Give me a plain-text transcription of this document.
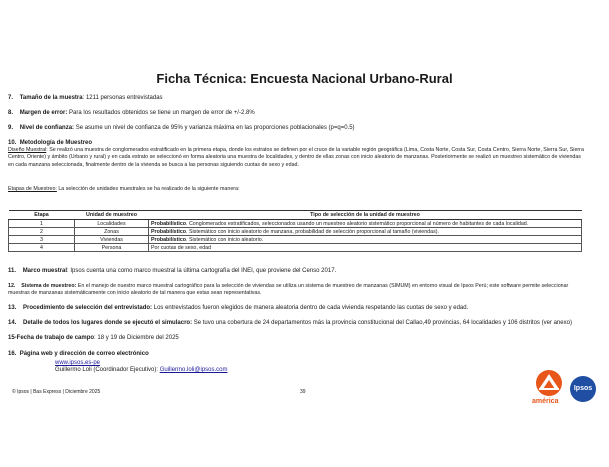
Ficha Técnica: Encuesta Nacional Urbano-Rural
7. Tamaño de la muestra: 1211 personas entrevistadas
8. Margen de error: Para los resultados obtenidos se tiene un margen de error de +/-2.8%
9. Nivel de confianza: Se asume un nivel de confianza de 95% y varianza máxima en las proporciones poblacionales (p=q=0.5)
10. Metodología de Muestreo
Diseño Muestral: Se realizó una muestra de conglomerados estratificado en la primera etapa, donde los estratos se definen por el cruce de la variable región geográfica (Lima, Costa Norte, Costa Sur, Costa Centro, Sierra Norte, Sierra Sur, Sierra Centro, Oriente) y ámbito (Urbano y rural) y en cada estrato se seleccionó en forma aleatoria una muestra de localidades, y dentro de ellas zonas con inicio aleatorio de manzanas. Posteriormente se realizó un muestreo sistemático de viviendas en cada manzana seleccionada, finalmente dentro de la vivienda se busca a las personas siguiendo cuotas de sexo y edad.
Etapas de Muestreo: La selección de unidades muestrales se ha realizado de la siguiente manera:
Etapa	Unidad de muestreo	Tipo de selección de la unidad de muestreo
1	Localidades	Probabilístico. Conglomerados estratificados, seleccionados usando un muestreo aleatorio sistemático proporcional al número de habitantes de cada localidad.
2	Zonas	Probabilístico. Sistemático con inicio aleatorio de manzana, probabilidad de selección proporcional al tamaño (viviendas).
3	Viviendas	Probabilístico. Sistemático con inicio aleatorio.
4	Persona	Por cuotas de sexo, edad
11. Marco muestral: Ipsos cuenta una como marco muestral la última cartografía del INEI, que proviene del Censo 2017.
12. Sistema de muestreo: En el manejo de nuestro marco muestral cartográfico para la selección de viviendas se utiliza un sistema de muestreo de manzanas (SIMUM) en entorno visual de Ipsos Perú; este software permite seleccionar muestras de manzanas sistemáticamente con inicio aleatorio de tal manera que estas sean representativas.
13. Procedimiento de selección del entrevistado: Los entrevistados fueron elegidos de manera aleatoria dentro de cada vivienda respetando las cuotas de sexo y edad.
14. Detalle de todos los lugares donde se ejecutó el simulacro: Se tuvo una cobertura de 24 departamentos más la provincia constitucional del Callao,49 provincias, 64 localidades y 106 distritos (ver anexo)
15-Fecha de trabajo de campo: 18 y 19 de Diciembre del 2025
16. Página web y dirección de correo electrónico
www.ipsos.es-pe
Guillermo Loli (Coordinador Ejecutivo): Guillermo.loli@ipsos.com
© Ipsos | Bas Express | Diciembre 2025	39
américa
Ipsos
